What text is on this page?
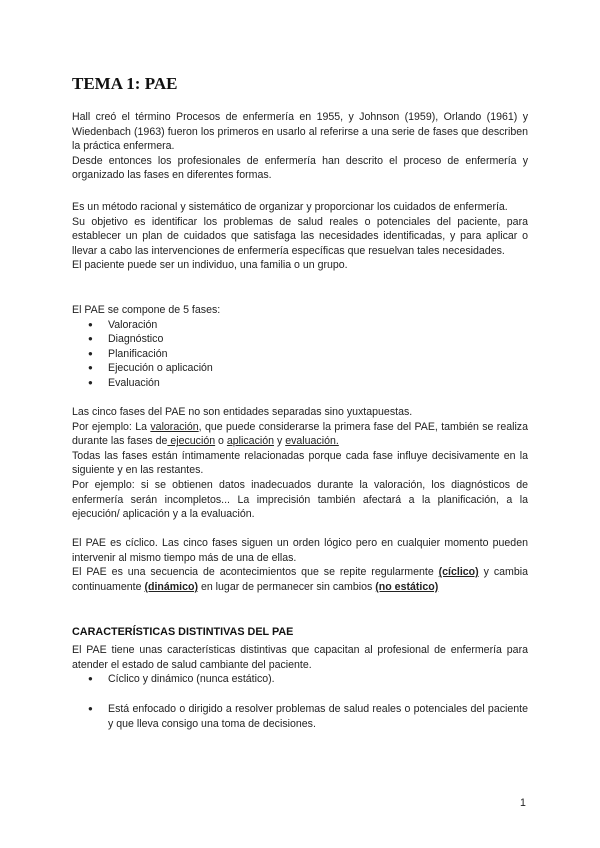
TEMA 1: PAE

Hall creó el término Procesos de enfermería en 1955, y Johnson (1959), Orlando (1961) y Wiedenbach (1963) fueron los primeros en usarlo al referirse a una serie de fases que describen la práctica enfermera.

Desde entonces los profesionales de enfermería han descrito el proceso de enfermería y organizado las fases en diferentes formas.

Es un método racional y sistemático de organizar y proporcionar los cuidados de enfermería.

Su objetivo es identificar los problemas de salud reales o potenciales del paciente, para establecer un plan de cuidados que satisfaga las necesidades identificadas, y para aplicar o llevar a cabo las intervenciones de enfermería específicas que resuelvan tales necesidades.

El paciente puede ser un individuo, una familia o un grupo.

El PAE se compone de 5 fases:

● Valoración
● Diagnóstico
● Planificación
● Ejecución o aplicación
● Evaluación

Las cinco fases del PAE no son entidades separadas sino yuxtapuestas.

Por ejemplo: La valoración, que puede considerarse la primera fase del PAE, también se realiza durante las fases de ejecución o aplicación y evaluación.

Todas las fases están íntimamente relacionadas porque cada fase influye decisivamente en la siguiente y en las restantes.

Por ejemplo: si se obtienen datos inadecuados durante la valoración, los diagnósticos de enfermería serán incompletos... La imprecisión también afectará a la planificación, a la ejecución/ aplicación y a la evaluación.

El PAE es cíclico. Las cinco fases siguen un orden lógico pero en cualquier momento pueden intervenir al mismo tiempo más de una de ellas.

El PAE es una secuencia de acontecimientos que se repite regularmente (cíclico) y cambia continuamente (dinámico) en lugar de permanecer sin cambios (no estático)

CARACTERÍSTICAS DISTINTIVAS DEL PAE

El PAE tiene unas características distintivas que capacitan al profesional de enfermería para atender el estado de salud cambiante del paciente.

● Cíclico y dinámico (nunca estático).
● Está enfocado o dirigido a resolver problemas de salud reales o potenciales del paciente y que lleva consigo una toma de decisiones.
1
